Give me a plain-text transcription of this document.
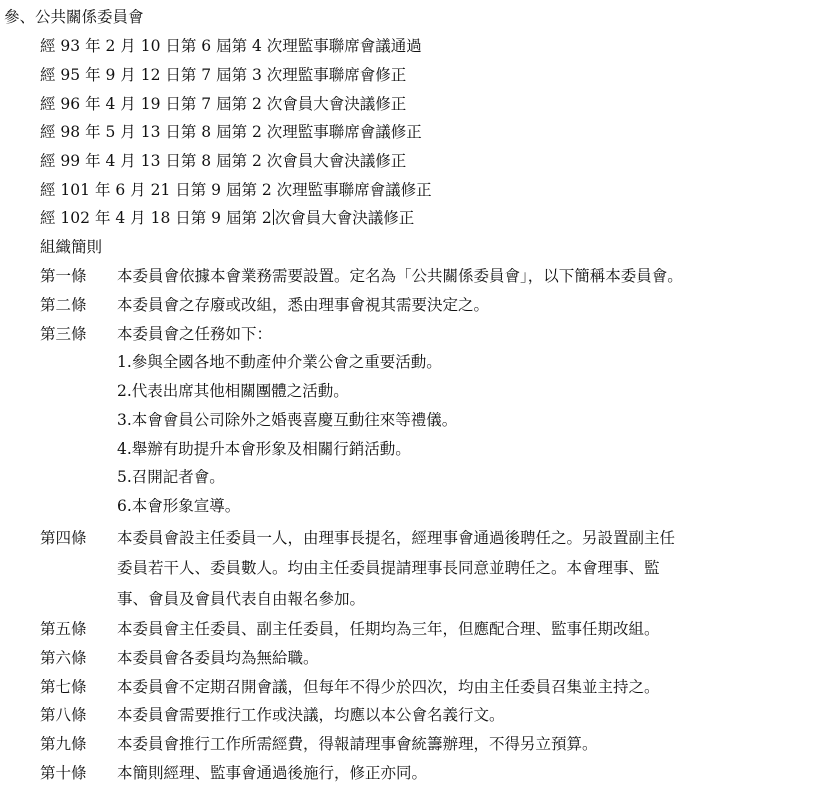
參、公共關係委員會
經 93 年 2 月 10 日第 6 屆第 4 次理監事聯席會議通過
經 95 年 9 月 12 日第 7 屆第 3 次理監事聯席會修正
經 96 年 4 月 19 日第 7 屆第 2 次會員大會決議修正
經 98 年 5 月 13 日第 8 屆第 2 次理監事聯席會議修正
經 99 年 4 月 13 日第 8 屆第 2 次會員大會決議修正
經 101 年 6 月 21 日第 9 屆第 2 次理監事聯席會議修正
經 102 年 4 月 18 日第 9 屆第 2 次會員大會決議修正
組織簡則
第一條 本委員會依據本會業務需要設置。定名為「公共關係委員會」，以下簡稱本委員會。
第二條 本委員會之存廢或改組，悉由理事會視其需要決定之。
第三條 本委員會之任務如下：
1.參與全國各地不動產仲介業公會之重要活動。
2.代表出席其他相關團體之活動。
3.本會會員公司除外之婚喪喜慶互動往來等禮儀。
4.舉辦有助提升本會形象及相關行銷活動。
5.召開記者會。
6.本會形象宣導。
第四條 本委員會設主任委員一人，由理事長提名，經理事會通過後聘任之。另設置副主任
委員若干人、委員數人。均由主任委員提請理事長同意並聘任之。本會理事、監
事、會員及會員代表自由報名參加。
第五條 本委員會主任委員、副主任委員，任期均為三年，但應配合理、監事任期改組。
第六條 本委員會各委員均為無給職。
第七條 本委員會不定期召開會議，但每年不得少於四次，均由主任委員召集並主持之。
第八條 本委員會需要推行工作或決議，均應以本公會名義行文。
第九條 本委員會推行工作所需經費，得報請理事會統籌辦理，不得另立預算。
第十條 本簡則經理、監事會通過後施行，修正亦同。
